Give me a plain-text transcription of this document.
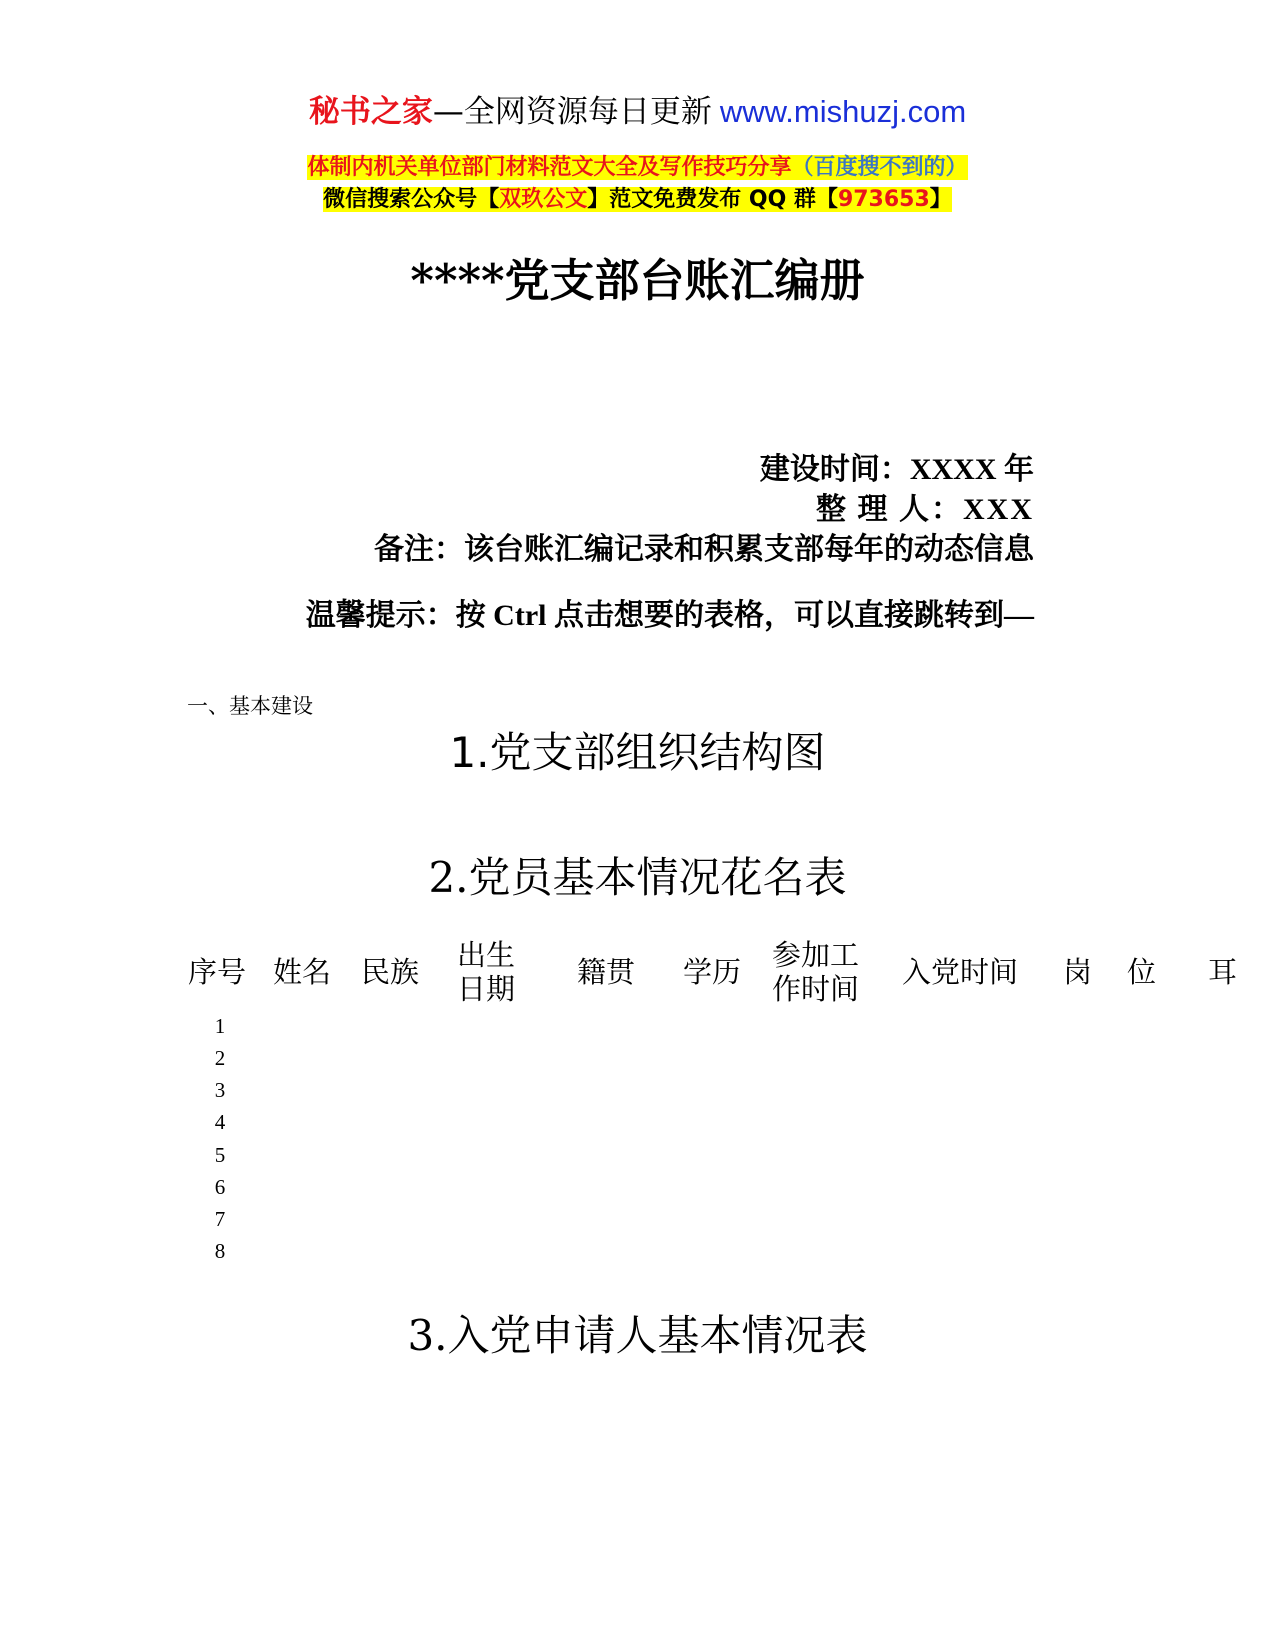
秘书之家—全网资源每日更新 www.mishuzj.com
体制内机关单位部门材料范文大全及写作技巧分享（百度搜不到的）
微信搜索公众号【双玖公文】范文免费发布 QQ 群【973653】
****党支部台账汇编册
建设时间：XXXX 年
整 理 人：XXX
备注：该台账汇编记录和积累支部每年的动态信息
温馨提示：按 Ctrl 点击想要的表格，可以直接跳转到—
一、基本建设
1.党支部组织结构图
2.党员基本情况花名表
序号 姓名 民族 出生
日期 籍贯 学历 参加工
作时间 入党时间 岗 位 耳
1
2
3
4
5
6
7
8
3.入党申请人基本情况表
